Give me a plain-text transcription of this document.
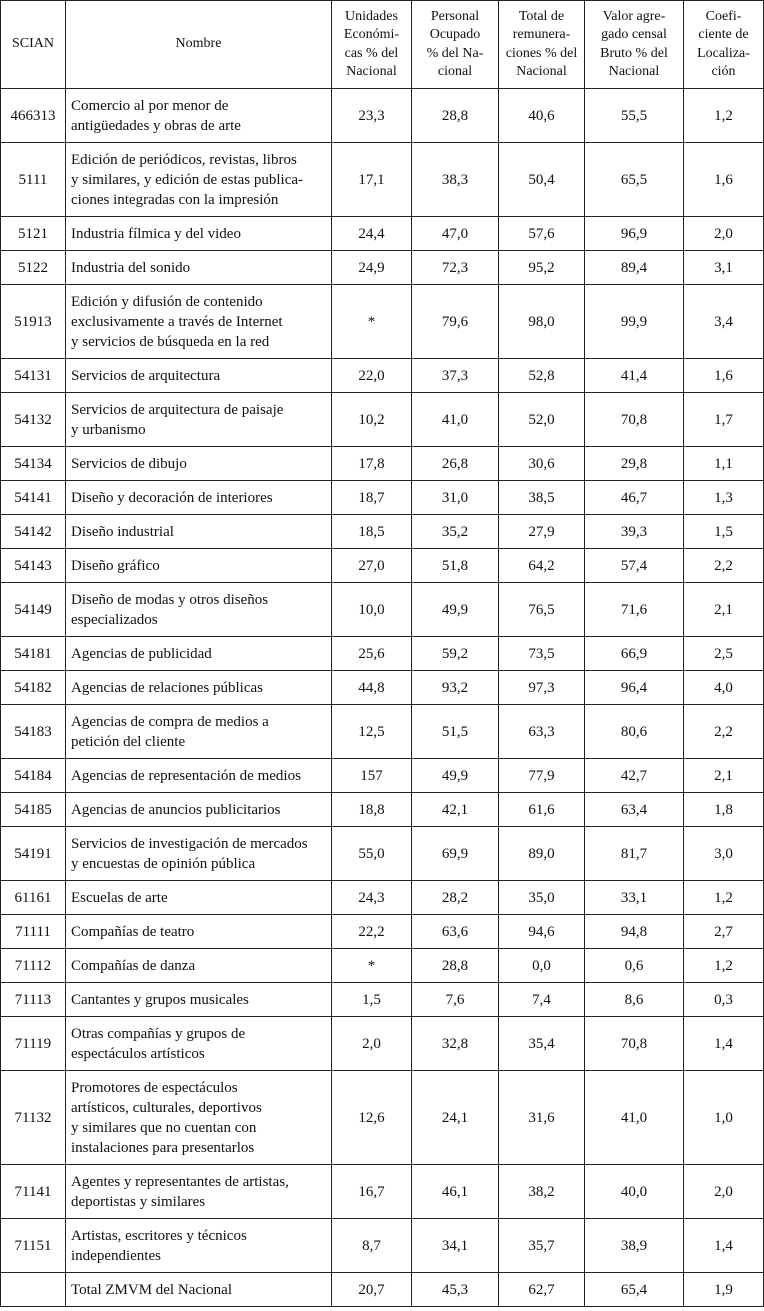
SCIAN	Nombre	Unidades
Económi-
cas % del
Nacional	Personal
Ocupado
% del Na-
cional	Total de
remunera-
ciones % del
Nacional	Valor agre-
gado censal
Bruto % del
Nacional	Coefi-
ciente de
Localiza-
ción
466313	Comercio al por menor de
antigüedades y obras de arte	23,3	28,8	40,6	55,5	1,2
5111	Edición de periódicos, revistas, libros
y similares, y edición de estas publica-
ciones integradas con la impresión	17,1	38,3	50,4	65,5	1,6
5121	Industria fílmica y del video	24,4	47,0	57,6	96,9	2,0
5122	Industria del sonido	24,9	72,3	95,2	89,4	3,1
51913	Edición y difusión de contenido
exclusivamente a través de Internet
y servicios de búsqueda en la red	*	79,6	98,0	99,9	3,4
54131	Servicios de arquitectura	22,0	37,3	52,8	41,4	1,6
54132	Servicios de arquitectura de paisaje
y urbanismo	10,2	41,0	52,0	70,8	1,7
54134	Servicios de dibujo	17,8	26,8	30,6	29,8	1,1
54141	Diseño y decoración de interiores	18,7	31,0	38,5	46,7	1,3
54142	Diseño industrial	18,5	35,2	27,9	39,3	1,5
54143	Diseño gráfico	27,0	51,8	64,2	57,4	2,2
54149	Diseño de modas y otros diseños
especializados	10,0	49,9	76,5	71,6	2,1
54181	Agencias de publicidad	25,6	59,2	73,5	66,9	2,5
54182	Agencias de relaciones públicas	44,8	93,2	97,3	96,4	4,0
54183	Agencias de compra de medios a
petición del cliente	12,5	51,5	63,3	80,6	2,2
54184	Agencias de representación de medios	157	49,9	77,9	42,7	2,1
54185	Agencias de anuncios publicitarios	18,8	42,1	61,6	63,4	1,8
54191	Servicios de investigación de mercados
y encuestas de opinión pública	55,0	69,9	89,0	81,7	3,0
61161	Escuelas de arte	24,3	28,2	35,0	33,1	1,2
71111	Compañías de teatro	22,2	63,6	94,6	94,8	2,7
71112	Compañías de danza	*	28,8	0,0	0,6	1,2
71113	Cantantes y grupos musicales	1,5	7,6	7,4	8,6	0,3
71119	Otras compañías y grupos de
espectáculos artísticos	2,0	32,8	35,4	70,8	1,4
71132	Promotores de espectáculos
artísticos, culturales, deportivos
y similares que no cuentan con
instalaciones para presentarlos	12,6	24,1	31,6	41,0	1,0
71141	Agentes y representantes de artistas,
deportistas y similares	16,7	46,1	38,2	40,0	2,0
71151	Artistas, escritores y técnicos
independientes	8,7	34,1	35,7	38,9	1,4
	Total ZMVM del Nacional	20,7	45,3	62,7	65,4	1,9
